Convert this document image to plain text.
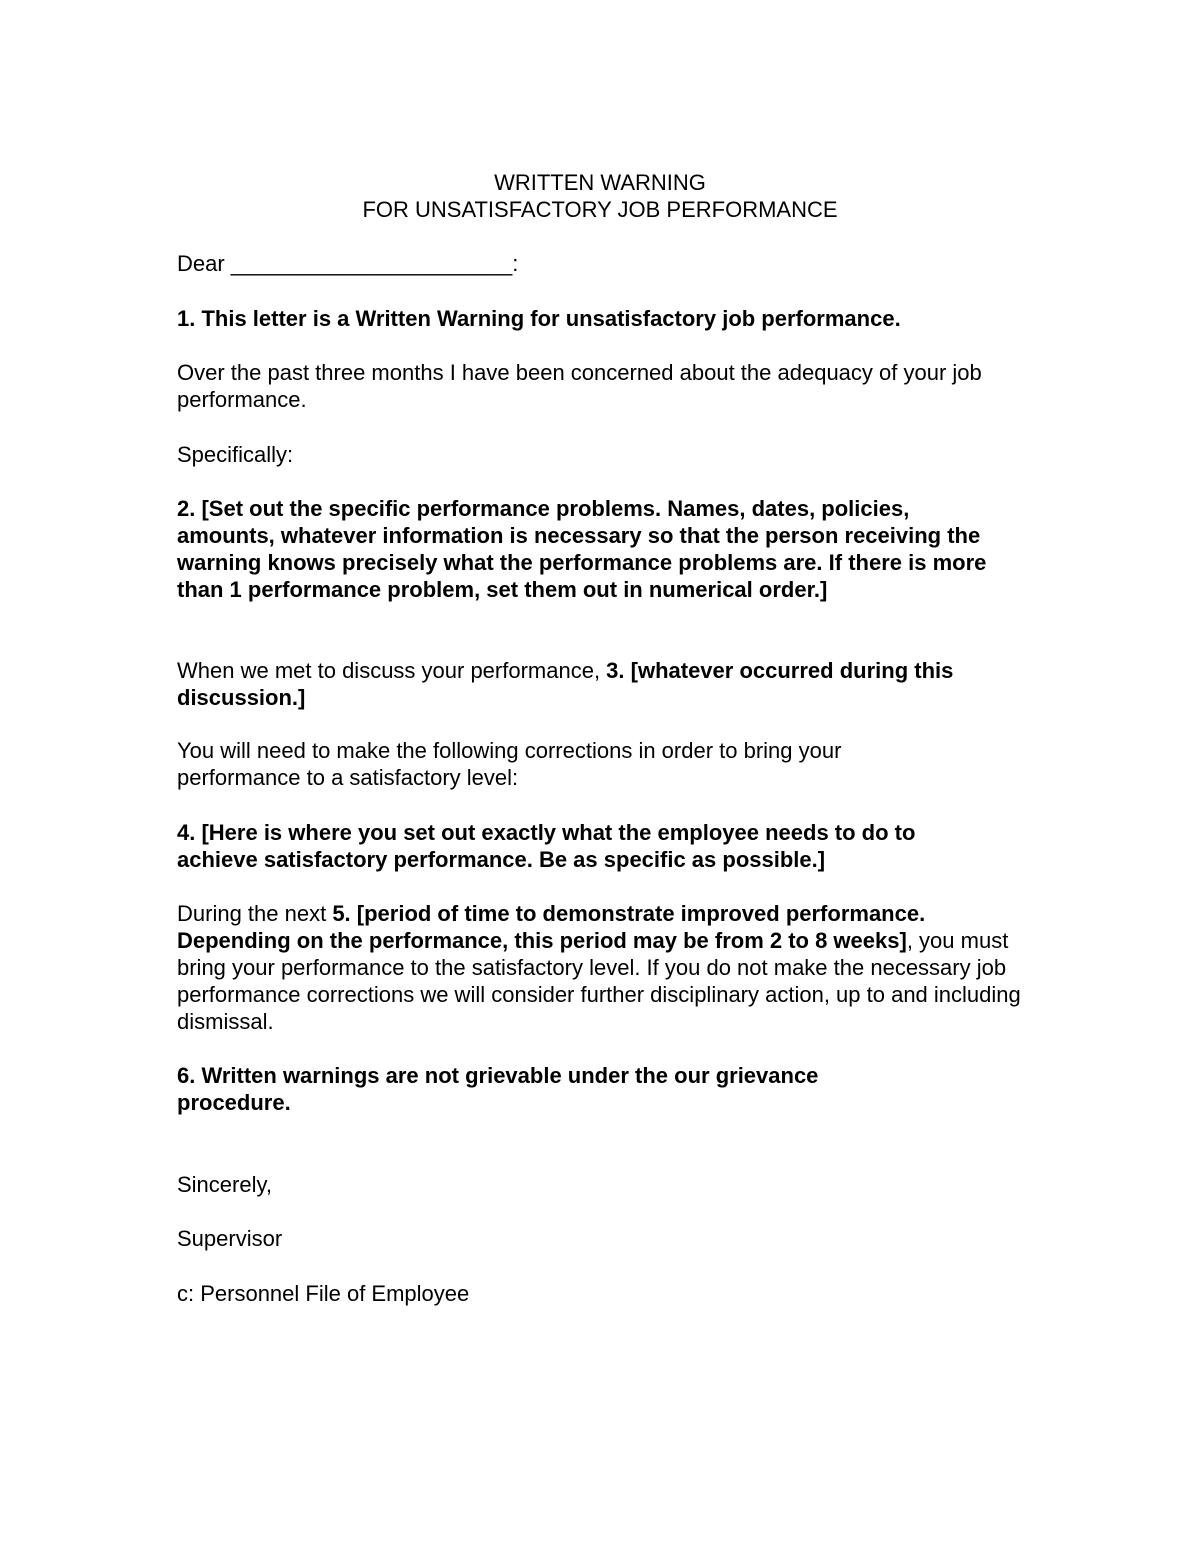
WRITTEN WARNING

FOR UNSATISFACTORY JOB PERFORMANCE

Dear _______________________:

1. This letter is a Written Warning for unsatisfactory job performance.

Over the past three months I have been concerned about the adequacy of your job performance.

Specifically:

2. [Set out the specific performance problems. Names, dates, policies, amounts, whatever information is necessary so that the person receiving the warning knows precisely what the performance problems are. If there is more than 1 performance problem, set them out in numerical order.]

When we met to discuss your performance, 3. [whatever occurred during this discussion.]

You will need to make the following corrections in order to bring your performance to a satisfactory level:

4. [Here is where you set out exactly what the employee needs to do to achieve satisfactory performance. Be as specific as possible.]

During the next 5. [period of time to demonstrate improved performance. Depending on the performance, this period may be from 2 to 8 weeks], you must bring your performance to the satisfactory level. If you do not make the necessary job performance corrections we will consider further disciplinary action, up to and including dismissal.

6. Written warnings are not grievable under the our grievance procedure.

Sincerely,

Supervisor

c: Personnel File of Employee
